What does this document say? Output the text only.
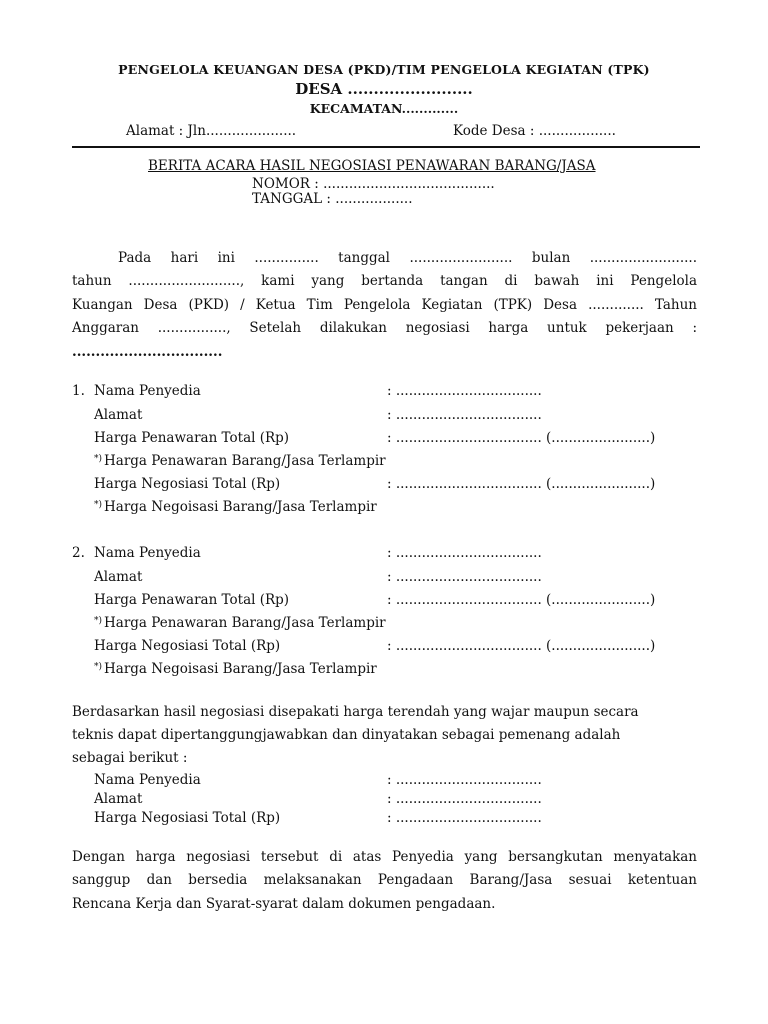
PENGELOLA KEUANGAN DESA (PKD)/TIM PENGELOLA KEGIATAN (TPK)
DESA ........................
KECAMATAN.............
Alamat : Jln.....................	Kode Desa : ..................
BERITA ACARA HASIL NEGOSIASI PENAWARAN BARANG/JASA
NOMOR : ........................................
TANGGAL : ..................
Pada hari ini ............... tanggal ........................ bulan .........................
tahun .........................., kami yang bertanda tangan di bawah ini Pengelola
Kuangan Desa (PKD) / Ketua Tim Pengelola Kegiatan (TPK) Desa ............. Tahun
Anggaran ................, Setelah dilakukan negosiasi harga untuk pekerjaan :
................................
1. Nama Penyedia	: ..................................
Alamat	: ..................................
Harga Penawaran Total (Rp)	: .................................. (.......................)
*) Harga Penawaran Barang/Jasa Terlampir
Harga Negosiasi Total (Rp)	: .................................. (.......................)
*) Harga Negoisasi Barang/Jasa Terlampir
2. Nama Penyedia	: ..................................
Alamat	: ..................................
Harga Penawaran Total (Rp)	: .................................. (.......................)
*) Harga Penawaran Barang/Jasa Terlampir
Harga Negosiasi Total (Rp)	: .................................. (.......................)
*) Harga Negoisasi Barang/Jasa Terlampir
Berdasarkan hasil negosiasi disepakati harga terendah yang wajar maupun secara
teknis dapat dipertanggungjawabkan dan dinyatakan sebagai pemenang adalah
sebagai berikut :
Nama Penyedia	: ..................................
Alamat	: ..................................
Harga Negosiasi Total (Rp)	: ..................................
Dengan harga negosiasi tersebut di atas Penyedia yang bersangkutan menyatakan
sanggup dan bersedia melaksanakan Pengadaan Barang/Jasa sesuai ketentuan
Rencana Kerja dan Syarat-syarat dalam dokumen pengadaan.
